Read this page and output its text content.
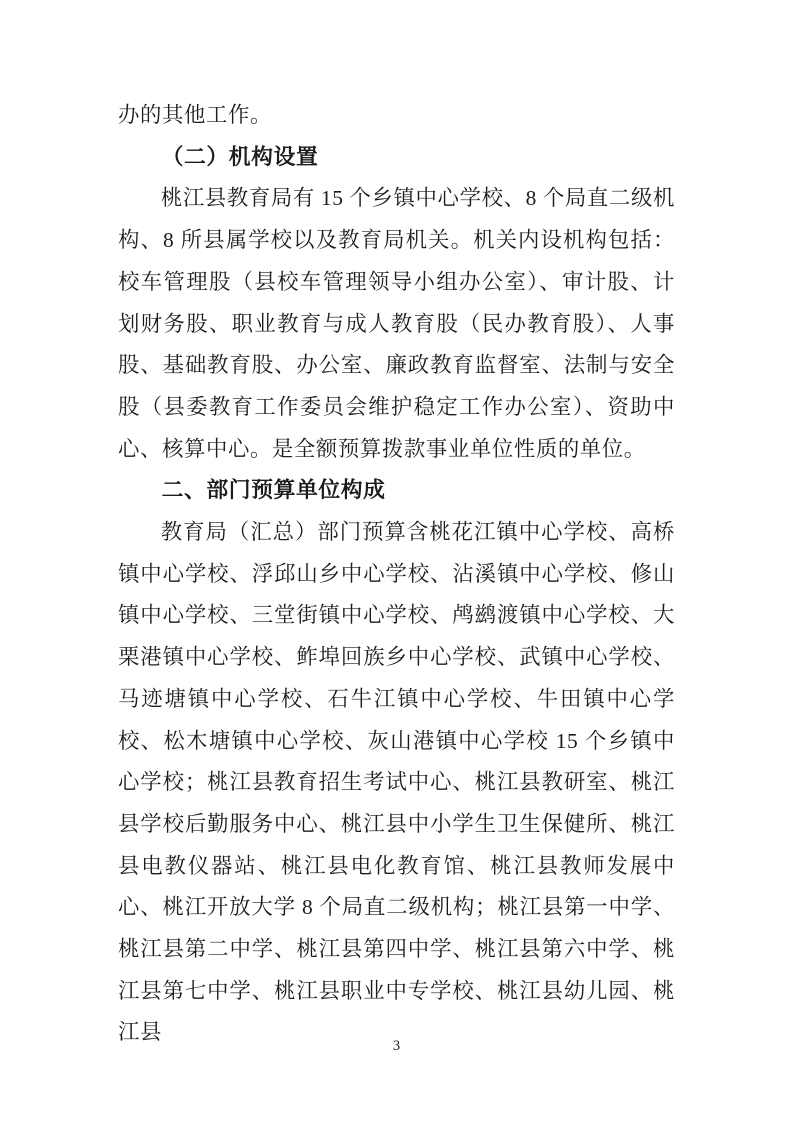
办的其他工作。

（二）机构设置

桃江县教育局有 15 个乡镇中心学校、8 个局直二级机构、8 所县属学校以及教育局机关。机关内设机构包括：校车管理股（县校车管理领导小组办公室）、审计股、计划财务股、职业教育与成人教育股（民办教育股）、人事股、基础教育股、办公室、廉政教育监督室、法制与安全股（县委教育工作委员会维护稳定工作办公室）、资助中心、核算中心。是全额预算拨款事业单位性质的单位。

二、部门预算单位构成

教育局（汇总）部门预算含桃花江镇中心学校、高桥镇中心学校、浮邱山乡中心学校、沾溪镇中心学校、修山镇中心学校、三堂街镇中心学校、鸬鹚渡镇中心学校、大栗港镇中心学校、鲊埠回族乡中心学校、武镇中心学校、马迹塘镇中心学校、石牛江镇中心学校、牛田镇中心学校、松木塘镇中心学校、灰山港镇中心学校 15 个乡镇中心学校；桃江县教育招生考试中心、桃江县教研室、桃江县学校后勤服务中心、桃江县中小学生卫生保健所、桃江县电教仪器站、桃江县电化教育馆、桃江县教师发展中心、桃江开放大学 8 个局直二级机构；桃江县第一中学、桃江县第二中学、桃江县第四中学、桃江县第六中学、桃江县第七中学、桃江县职业中专学校、桃江县幼儿园、桃江县

3
